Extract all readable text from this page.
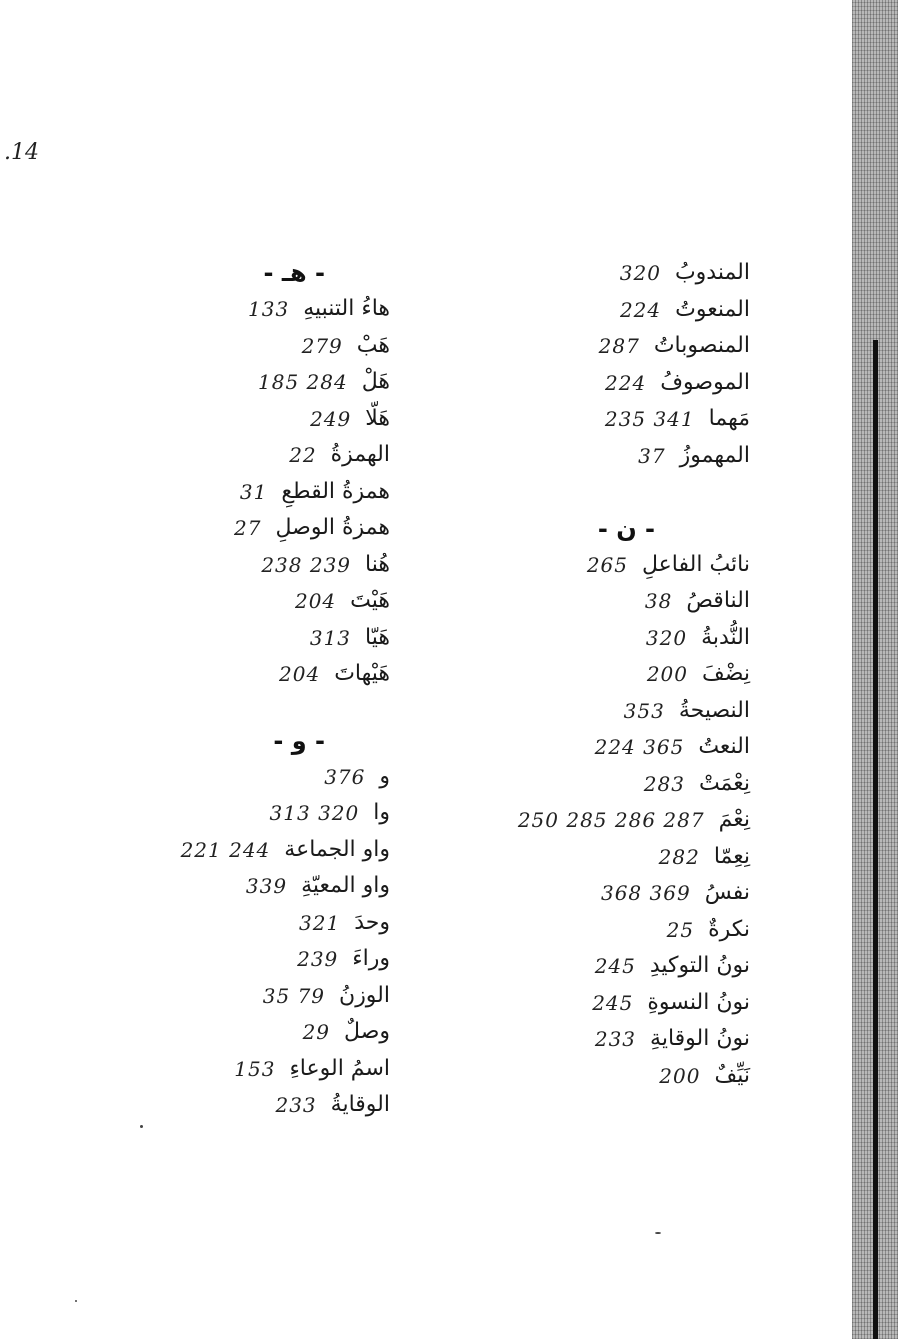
.14
المندوبُ
320
المنعوتُ
224
المنصوباتُ
287
الموصوفُ
224
مَهما
235 341
المهموزُ
37
- ن -
نائبُ الفاعلِ
265
الناقصُ
38
النُّدبةُ
320
نِضْفَ
200
النصيحةُ
353
النعتُ
224 365
نِعْمَتْ
283
نِعْمَ
250 285 286 287
نِعِمّا
282
نفسُ
368 369
نكرةٌ
25
نونُ التوكيدِ
245
نونُ النسوةِ
245
نونُ الوقايةِ
233
نَيِّفٌ
200
- هـ -
هاءُ التنبيهِ
133
هَبْ
279
هَلْ
185 284
هَلّا
249
الهمزةُ
22
همزةُ القطعِ
31
همزةُ الوصلِ
27
هُنا
238 239
هَيْتَ
204
هَيّا
313
هَيْهاتَ
204
- و -
و
376
وا
313 320
واو الجماعة
221 244
واو المعيّةِ
339
وحدَ
321
وراءَ
239
الوزنُ
35 79
وصلٌ
29
اسمُ الوعاءِ
153
الوقايةُ
233
